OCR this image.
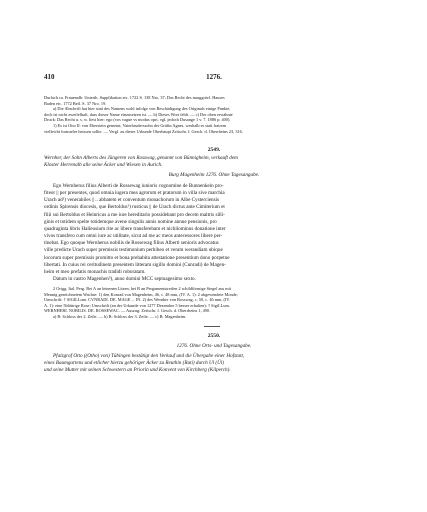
410	1276.
Durlach ca. Frauenalb: Unterth. Supplikation etc. 1722 S. 138 Nro. 37; Das Recht des marggrävl. Hauses
Baden etc. 1772 Beil. S. 37 Nro. 19.
a) Die Abschrift hat hier statt des Namens wohl infolge von Beschädigung des Originals einige Punkte,
doch ist nicht zweifelhaft, dass dieser Name einzusetzen ist. — b) Dieses Wort fehlt. — c) Der oben erwähnte
Druck: Das Recht u. s. w. liest hier: ego (vos vague vs modus opri, vgl. jedoch Dusange 1 v. 7. 1886 p. 400).
1) Es ist Otto II. von Eberstein gemeint, Vaterbruderssohn der Gräfin Agnes, weshalb es statt fratrem
vielleicht fratrueles heissen sollte. — Vergl. zu dieser Urkunde Oberbaupt Zeitschr. f. Gesch. d. Oberrheins 23, 316.
2549.
Wernher, der Sohn Alberts des Jüngeren von Rosswag, genannt von Bünnigheim, verkauft dem
Kloster Herrenalb alle seine Äcker und Wiesen in Aurich.
Burg Magenheim 1276. Ohne Tagesangabe.
Ego Wernherus filius Alberti de Rossewag iunioris cognomine de Bunnenkein pro-
fiteor || per presentes, quod omnia iugera mea agrorum et pratorum in villa sive marchia
Urach ad¹) venerabiles || .. abbatem et conventum monachorum in Albe Cysterciensis
ordinis Spirensis diocesis, que Bertoldus¹) rusticus || de Urach dictus ante Cimiterium et
filii sui Bertoldus et Heinricus a me iure hereditario possidebant pro decem maltris silli-
ginis et totidem spelte totidemque avene singulis annis nomine annue pensionis, pro
quadraginta libris Halleusium rite ac libere transferebam et nichilominus donatione inter
vivos transfero cum omni iure ac utilitate, sicut ad me ac meos antecessores libere per-
tinebat. Ego quoque Wernherus nobilis de Rossewag filius Alberti senioris advocatus
ville predicte Urach super premissis testimonium perhibeo et veram werandiam ubique
locorum super premissis promitto et bona prehabita attestatione presentium dono porpetue
libertati. In cuius rei ceritudinem presentem litteram sigillo domini (Cunradi) de Magen-
heim et meo prefatis monachis tradidi roboratam.
Datum in castro Magenhen³), anno domini MCC septuagesimo sexto.
2 Origg. Ital. Perg. Bei A an leinenen Litzen, bei B an Pergamentstreifen 2 schildförmige Siegel aus mit
Mennig gezeichnetem Wachse: 1) den Konrad von Magenheim, 46, c. 48 mm, (IV. A. 1): 2 abgewendete Monde;
Umschrift: † SIGILLum. CVNRADI. DE. MAGE ... IN. 2) des Wernher von Rosswag, c. 50, c. 46 mm, (IV.
A. 1): eine 5blättrige Rose; Umschrift (an der Urkunde von 1277 Dezember 5 besser erhalten): † SigiLLum.
WERNHERI. NOBILIS. DE. ROSSEWAC. — Auszug: Zeitschr. f. Gesch. d. Oberrheins 1, 490.
a) B: Schloss der 2. Zeile. — b) B: Schloss der 3. Zeile. — c) B: Magenheim.
2550.
1276. Ohne Orts- und Tagesangabe.
Pfalzgraf Otto ((Otho) von) Tübingen bestätigt den Verkauf und die Übergabe einer Hofstatt,
eines Baumgartens und etlicher hierzu gehöriger Äcker zu Reuthin (Ruti) durch Ul (Ül)
und seine Mutter mit seinen Schwestern an Priorin und Konvent von Kirchberg (Kilperch).
